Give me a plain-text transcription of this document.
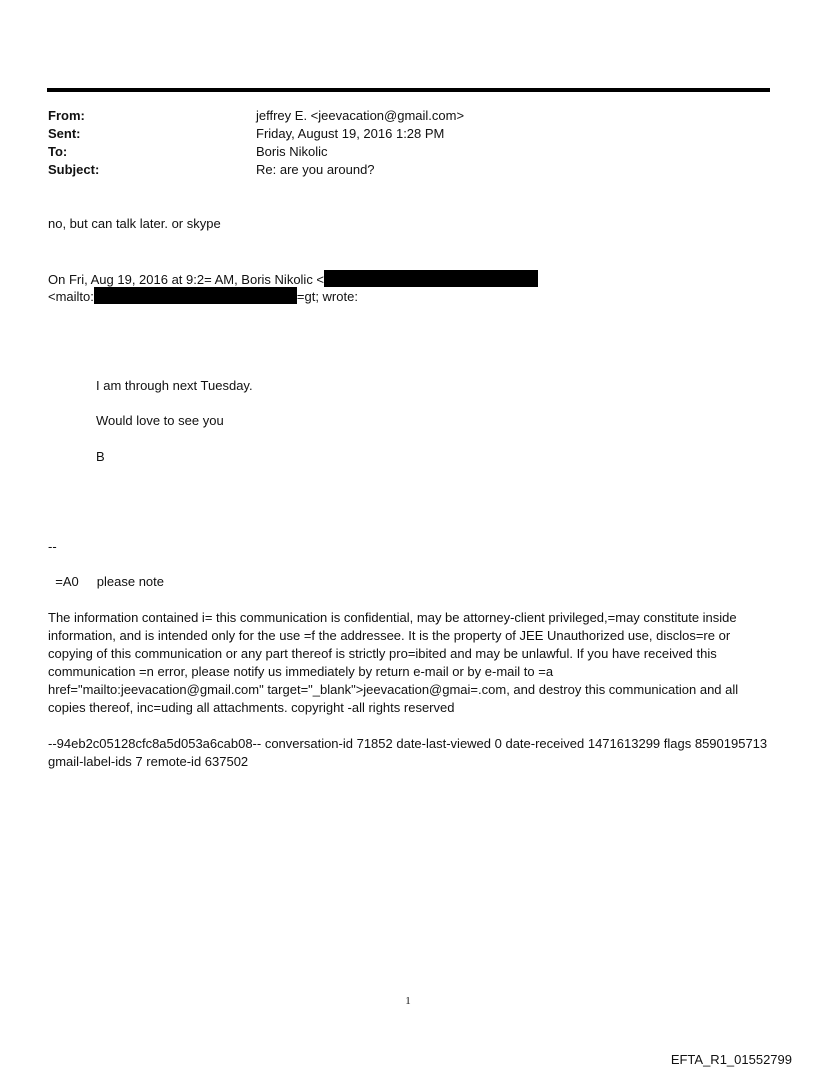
From:	jeffrey E. <jeevacation@gmail.com>
Sent:	Friday, August 19, 2016 1:28 PM
To:	Boris Nikolic
Subject:	Re: are you around?
no, but can talk later. or skype
On Fri, Aug 19, 2016 at 9:2= AM, Boris Nikolic <
<mailto:	=gt; wrote:
I am through next Tuesday.
Would love to see you
B
--
=A0     please note
The information contained i= this communication is confidential, may be attorney-client privileged,=may constitute inside information, and is intended only for the use =f the addressee. It is the property of JEE Unauthorized use, disclos=re or copying of this communication or any part thereof is strictly pro=ibited and may be unlawful. If you have received this communication =n error, please notify us immediately by return e-mail or by e-mail to =a href="mailto:jeevacation@gmail.com" target="_blank">jeevacation@gmai=.com, and destroy this communication and all copies thereof, inc=uding all attachments. copyright -all rights reserved
--94eb2c05128cfc8a5d053a6cab08-- conversation-id 71852 date-last-viewed 0 date-received 1471613299 flags 8590195713 gmail-label-ids 7 remote-id 637502
1
EFTA_R1_01552799
